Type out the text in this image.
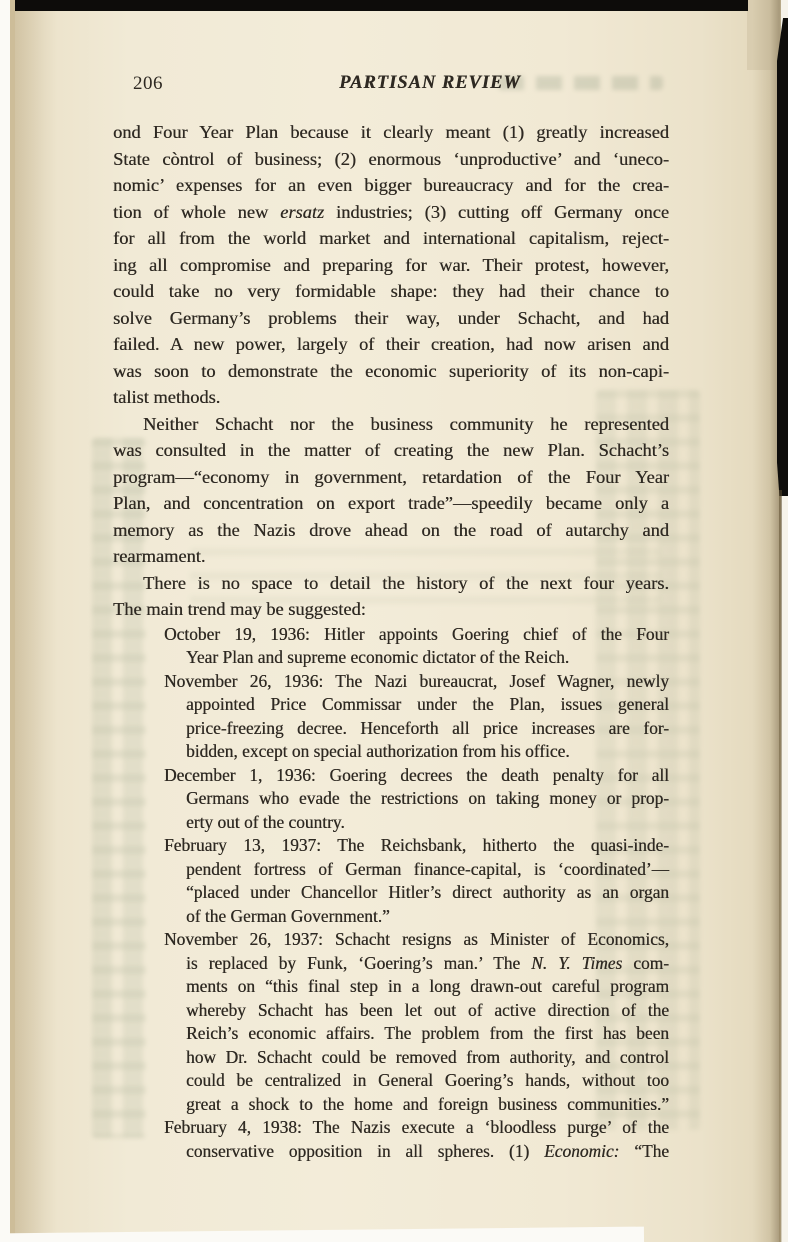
206	PARTISAN REVIEW
ond Four Year Plan because it clearly meant (1) greatly increased
State còntrol of business; (2) enormous ‘unproductive’ and ‘uneco-
nomic’ expenses for an even bigger bureaucracy and for the crea-
tion of whole new ersatz industries; (3) cutting off Germany once
for all from the world market and international capitalism, reject-
ing all compromise and preparing for war. Their protest, however,
could take no very formidable shape: they had their chance to
solve Germany’s problems their way, under Schacht, and had
failed. A new power, largely of their creation, had now arisen and
was soon to demonstrate the economic superiority of its non-capi-
talist methods.
Neither Schacht nor the business community he represented
was consulted in the matter of creating the new Plan. Schacht’s
program—“economy in government, retardation of the Four Year
Plan, and concentration on export trade”—speedily became only a
memory as the Nazis drove ahead on the road of autarchy and
rearmament.
There is no space to detail the history of the next four years.
The main trend may be suggested:
October 19, 1936: Hitler appoints Goering chief of the Four
Year Plan and supreme economic dictator of the Reich.
November 26, 1936: The Nazi bureaucrat, Josef Wagner, newly
appointed Price Commissar under the Plan, issues general
price-freezing decree. Henceforth all price increases are for-
bidden, except on special authorization from his office.
December 1, 1936: Goering decrees the death penalty for all
Germans who evade the restrictions on taking money or prop-
erty out of the country.
February 13, 1937: The Reichsbank, hitherto the quasi-inde-
pendent fortress of German finance-capital, is ‘coordinated’—
“placed under Chancellor Hitler’s direct authority as an organ
of the German Government.”
November 26, 1937: Schacht resigns as Minister of Economics,
is replaced by Funk, ‘Goering’s man.’ The N. Y. Times com-
ments on “this final step in a long drawn-out careful program
whereby Schacht has been let out of active direction of the
Reich’s economic affairs. The problem from the first has been
how Dr. Schacht could be removed from authority, and control
could be centralized in General Goering’s hands, without too
great a shock to the home and foreign business communities.”
February 4, 1938: The Nazis execute a ‘bloodless purge’ of the
conservative opposition in all spheres. (1) Economic: “The
